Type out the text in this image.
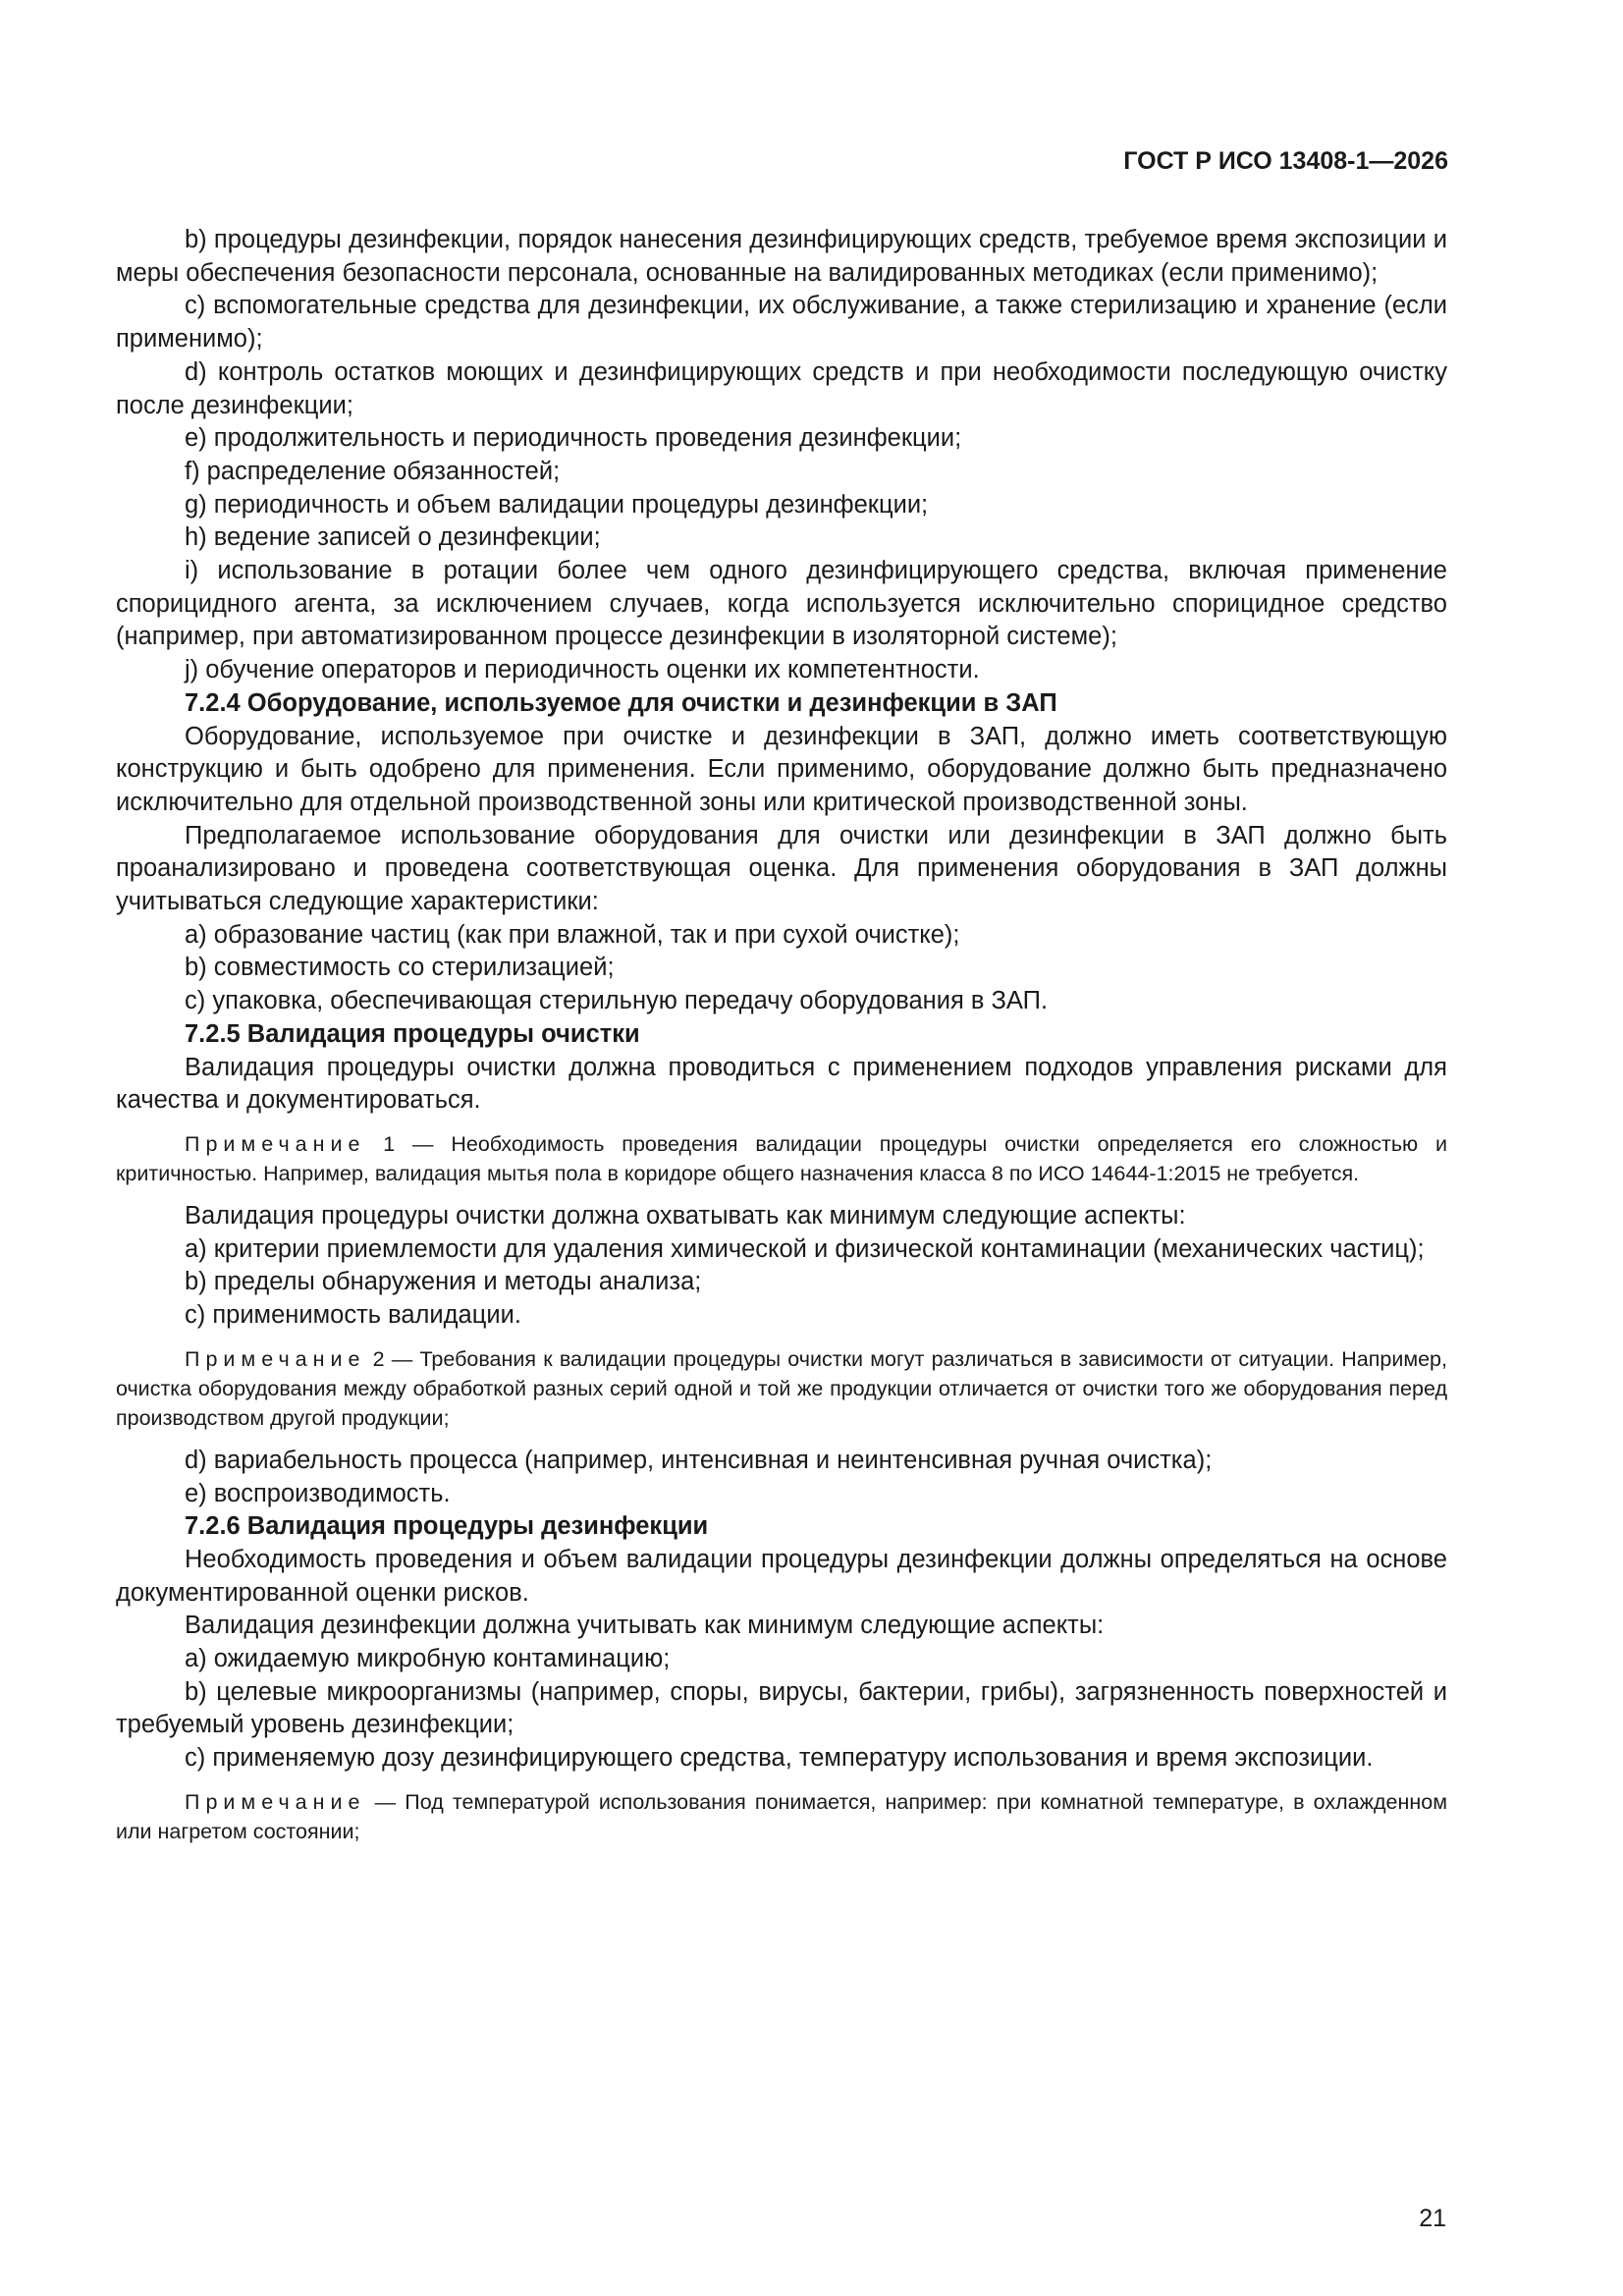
ГОСТ Р ИСО 13408-1—2026

b) процедуры дезинфекции, порядок нанесения дезинфицирующих средств, требуемое время экспозиции и меры обеспечения безопасности персонала, основанные на валидированных методиках (если применимо);

c) вспомогательные средства для дезинфекции, их обслуживание, а также стерилизацию и хранение (если применимо);

d) контроль остатков моющих и дезинфицирующих средств и при необходимости последующую очистку после дезинфекции;

e) продолжительность и периодичность проведения дезинфекции;

f) распределение обязанностей;

g) периодичность и объем валидации процедуры дезинфекции;

h) ведение записей о дезинфекции;

i) использование в ротации более чем одного дезинфицирующего средства, включая применение спорицидного агента, за исключением случаев, когда используется исключительно спорицидное средство (например, при автоматизированном процессе дезинфекции в изоляторной системе);

j) обучение операторов и периодичность оценки их компетентности.

7.2.4 Оборудование, используемое для очистки и дезинфекции в ЗАП

Оборудование, используемое при очистке и дезинфекции в ЗАП, должно иметь соответствующую конструкцию и быть одобрено для применения. Если применимо, оборудование должно быть предназначено исключительно для отдельной производственной зоны или критической производственной зоны.

Предполагаемое использование оборудования для очистки или дезинфекции в ЗАП должно быть проанализировано и проведена соответствующая оценка. Для применения оборудования в ЗАП должны учитываться следующие характеристики:

a) образование частиц (как при влажной, так и при сухой очистке);

b) совместимость со стерилизацией;

c) упаковка, обеспечивающая стерильную передачу оборудования в ЗАП.

7.2.5 Валидация процедуры очистки

Валидация процедуры очистки должна проводиться с применением подходов управления рисками для качества и документироваться.

Примечание 1 — Необходимость проведения валидации процедуры очистки определяется его сложностью и критичностью. Например, валидация мытья пола в коридоре общего назначения класса 8 по ИСО 14644-1:2015 не требуется.

Валидация процедуры очистки должна охватывать как минимум следующие аспекты:

a) критерии приемлемости для удаления химической и физической контаминации (механических частиц);

b) пределы обнаружения и методы анализа;

c) применимость валидации.

Примечание 2 — Требования к валидации процедуры очистки могут различаться в зависимости от ситуации. Например, очистка оборудования между обработкой разных серий одной и той же продукции отличается от очистки того же оборудования перед производством другой продукции;

d) вариабельность процесса (например, интенсивная и неинтенсивная ручная очистка);

e) воспроизводимость.

7.2.6 Валидация процедуры дезинфекции

Необходимость проведения и объем валидации процедуры дезинфекции должны определяться на основе документированной оценки рисков.

Валидация дезинфекции должна учитывать как минимум следующие аспекты:

a) ожидаемую микробную контаминацию;

b) целевые микроорганизмы (например, споры, вирусы, бактерии, грибы), загрязненность поверхностей и требуемый уровень дезинфекции;

c) применяемую дозу дезинфицирующего средства, температуру использования и время экспозиции.

Примечание — Под температурой использования понимается, например: при комнатной температуре, в охлажденном или нагретом состоянии;

21
